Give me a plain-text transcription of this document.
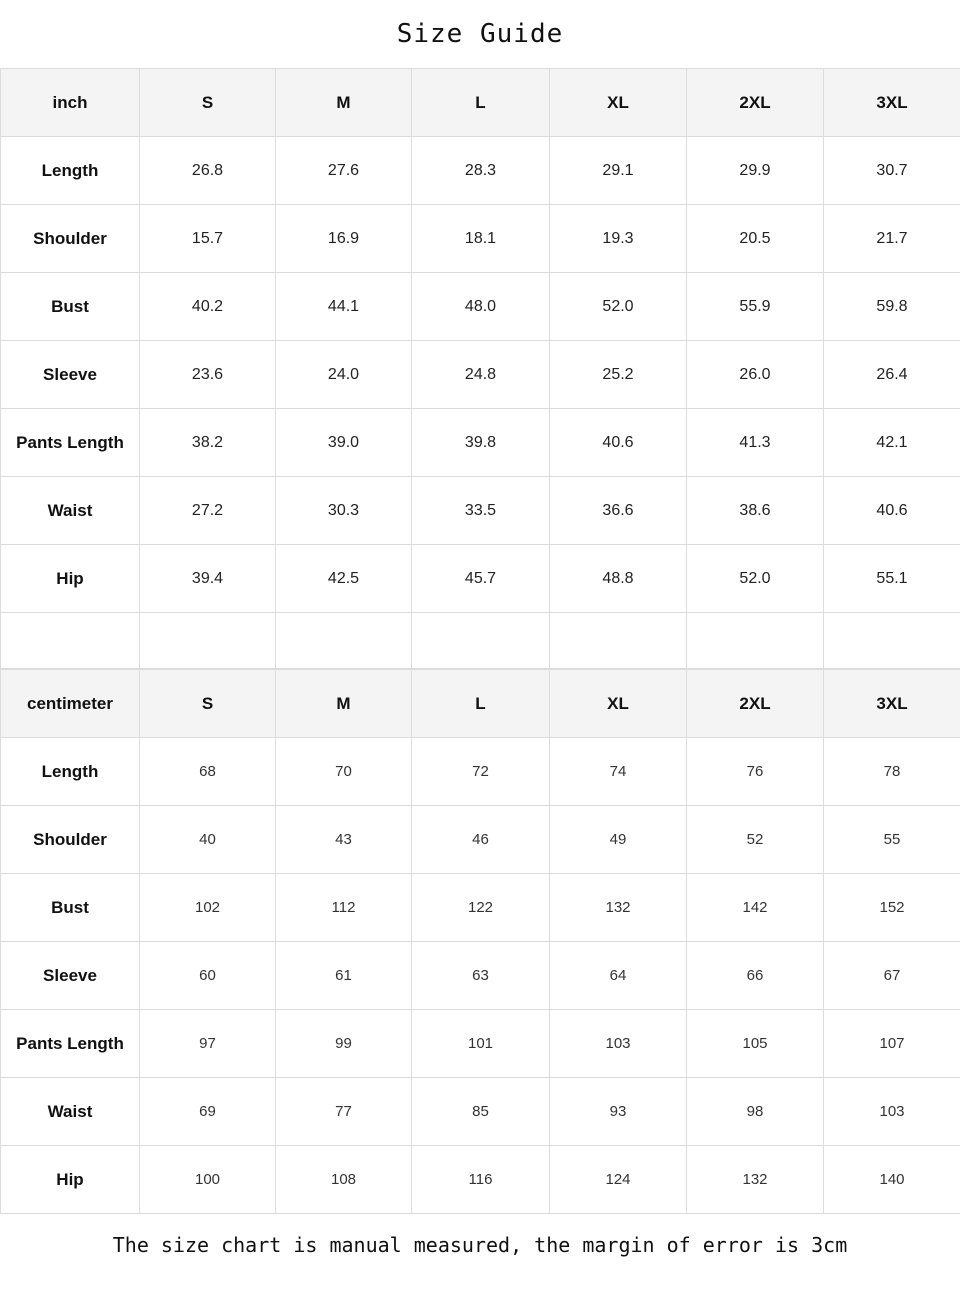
Size Guide
inch	S	M	L	XL	2XL	3XL
Length	26.8	27.6	28.3	29.1	29.9	30.7
Shoulder	15.7	16.9	18.1	19.3	20.5	21.7
Bust	40.2	44.1	48.0	52.0	55.9	59.8
Sleeve	23.6	24.0	24.8	25.2	26.0	26.4
Pants Length	38.2	39.0	39.8	40.6	41.3	42.1
Waist	27.2	30.3	33.5	36.6	38.6	40.6
Hip	39.4	42.5	45.7	48.8	52.0	55.1

centimeter	S	M	L	XL	2XL	3XL
Length	68	70	72	74	76	78
Shoulder	40	43	46	49	52	55
Bust	102	112	122	132	142	152
Sleeve	60	61	63	64	66	67
Pants Length	97	99	101	103	105	107
Waist	69	77	85	93	98	103
Hip	100	108	116	124	132	140
The size chart is manual measured, the margin of error is 3cm
